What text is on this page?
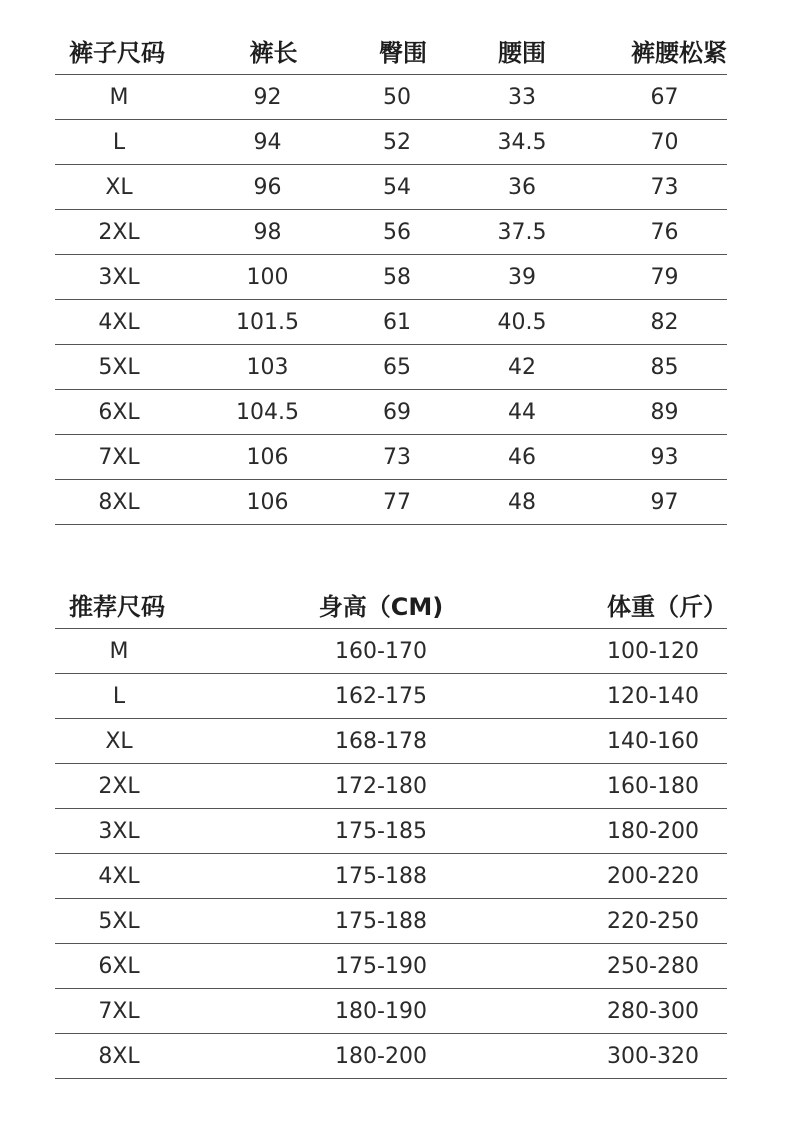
裤子尺码	裤长	臀围	腰围	裤腰松紧
M	92	50	33	67
L	94	52	34.5	70
XL	96	54	36	73
2XL	98	56	37.5	76
3XL	100	58	39	79
4XL	101.5	61	40.5	82
5XL	103	65	42	85
6XL	104.5	69	44	89
7XL	106	73	46	93
8XL	106	77	48	97
推荐尺码	身高（CM)	体重（斤）
M	160-170	100-120
L	162-175	120-140
XL	168-178	140-160
2XL	172-180	160-180
3XL	175-185	180-200
4XL	175-188	200-220
5XL	175-188	220-250
6XL	175-190	250-280
7XL	180-190	280-300
8XL	180-200	300-320
